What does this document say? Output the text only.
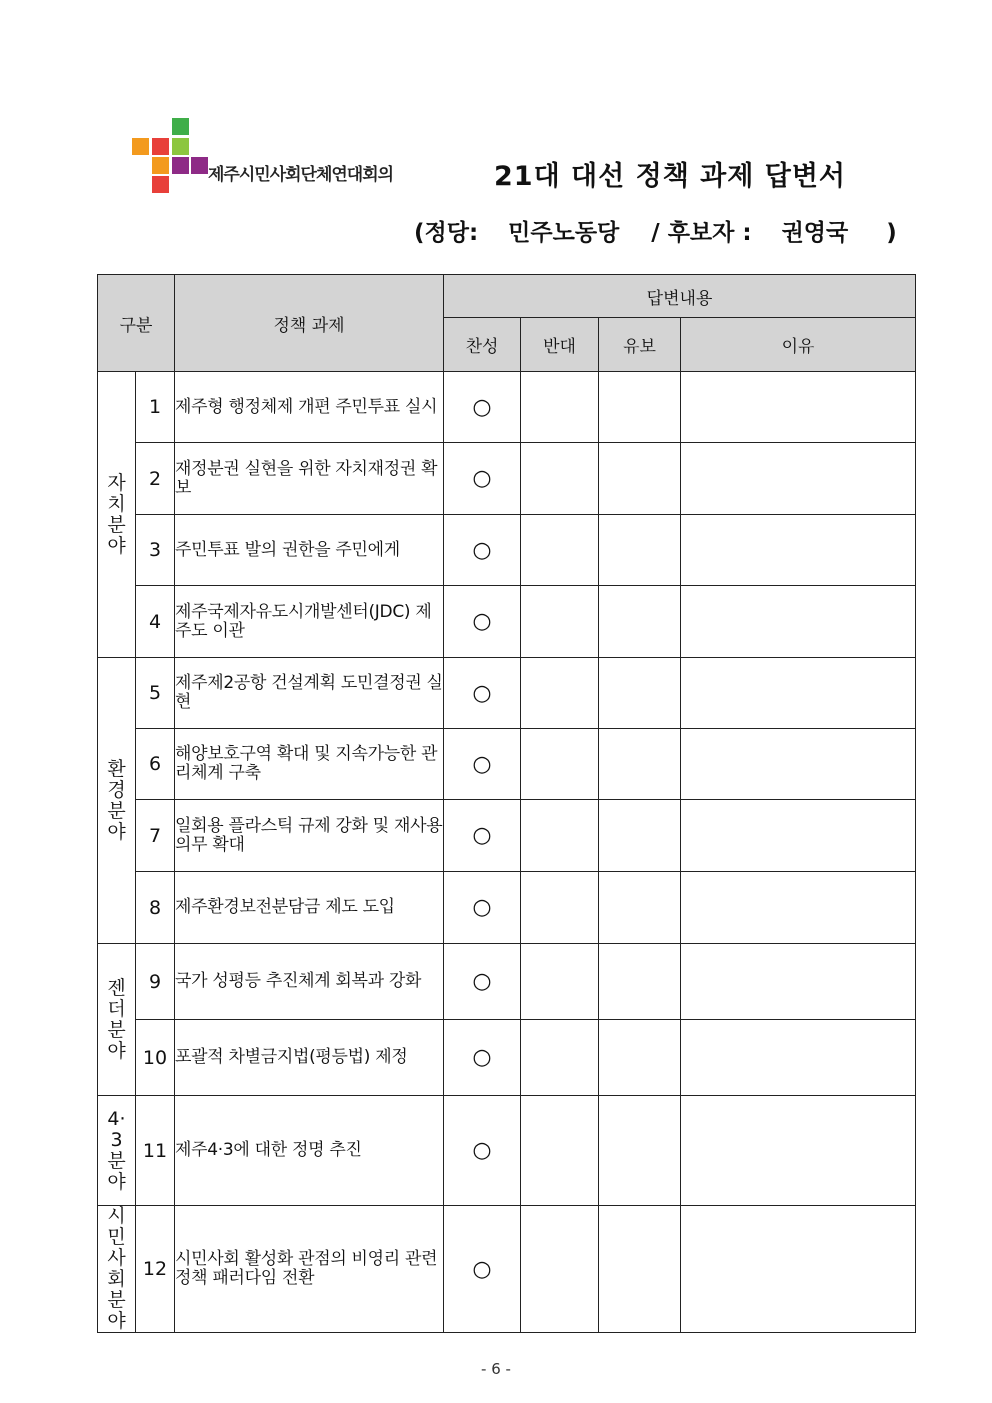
제주시민사회단체연대회의	21대 대선 정책 과제 답변서
(정당: 민주노동당 / 후보자 : 권영국 )
구분		정책 과제	답변내용			
			찬성	반대	유보	이유
자치분야	1	제주형 행정체제 개편 주민투표 실시	○			
	2	재정분권 실현을 위한 자치재정권 확보	○			
	3	주민투표 발의 권한을 주민에게	○			
	4	제주국제자유도시개발센터(JDC) 제주도 이관	○			
환경분야	5	제주제2공항 건설계획 도민결정권 실현	○			
	6	해양보호구역 확대 및 지속가능한 관리체계 구축	○			
	7	일회용 플라스틱 규제 강화 및 재사용 의무 확대	○			
	8	제주환경보전분담금 제도 도입	○			
젠더분야	9	국가 성평등 추진체계 회복과 강화	○			
	10	포괄적 차별금지법(평등법) 제정	○			
4·3분야	11	제주4·3에 대한 정명 추진	○			
시민사회분야	12	시민사회 활성화 관점의 비영리 관련 정책 패러다임 전환	○			
- 6 -
